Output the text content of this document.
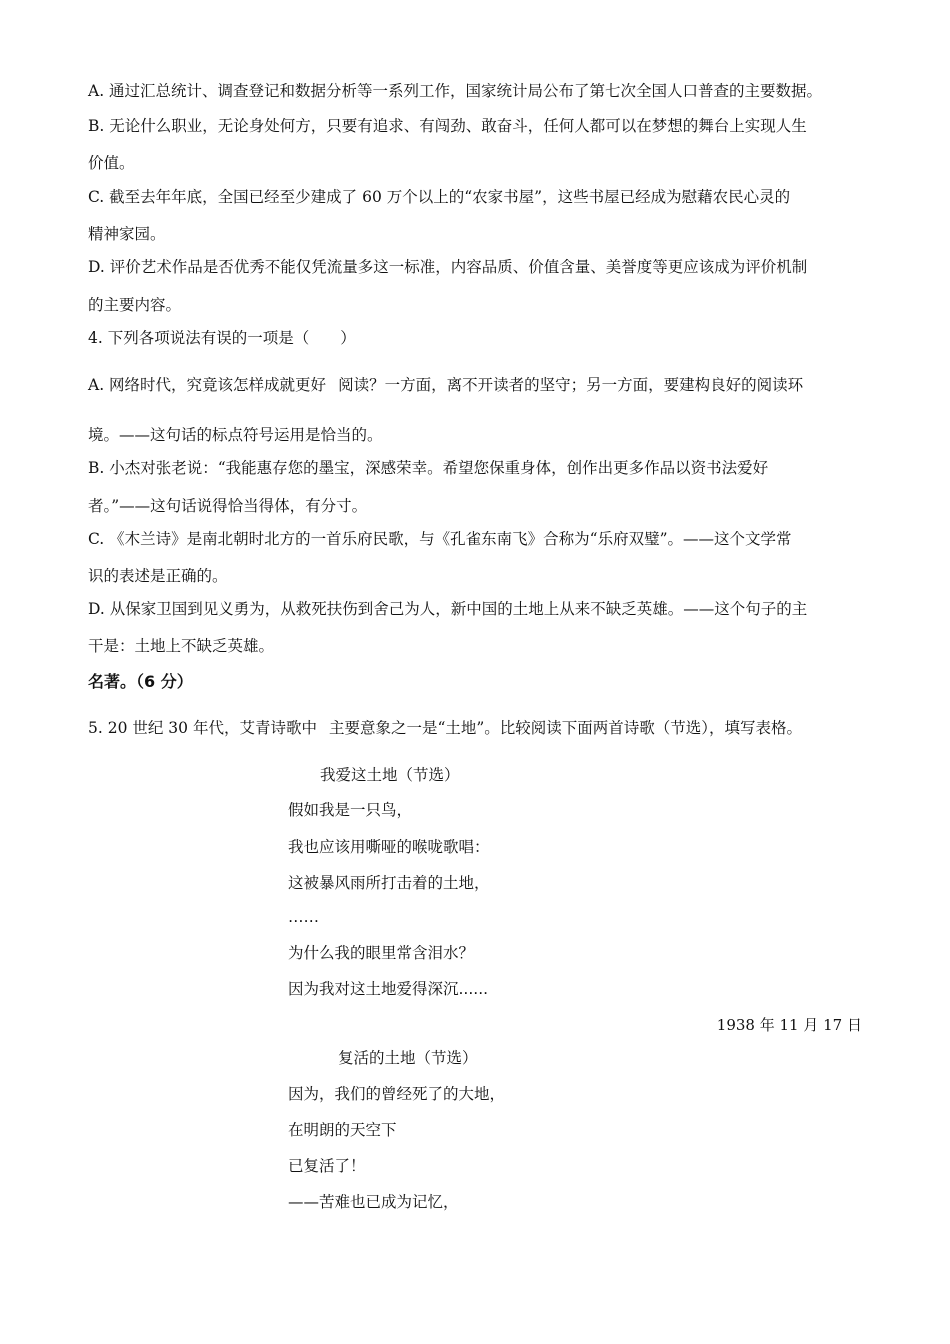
A. 通过汇总统计、调查登记和数据分析等一系列工作，国家统计局公布了第七次全国人口普查的主要数据。
B. 无论什么职业，无论身处何方，只要有追求、有闯劲、敢奋斗，任何人都可以在梦想的舞台上实现人生
价值。
C. 截至去年年底，全国已经至少建成了 60 万个以上的“农家书屋”，这些书屋已经成为慰藉农民心灵的
精神家园。
D. 评价艺术作品是否优秀不能仅凭流量多这一标准，内容品质、价值含量、美誉度等更应该成为评价机制
的主要内容。
4. 下列各项说法有误的一项是（　　）
A. 网络时代，究竟该怎样成就更好 阅读？一方面，离不开读者的坚守；另一方面，要建构良好的阅读环
境。——这句话的标点符号运用是恰当的。
B. 小杰对张老说：“我能惠存您的墨宝，深感荣幸。希望您保重身体，创作出更多作品以资书法爱好
者。”——这句话说得恰当得体，有分寸。
C. 《木兰诗》是南北朝时北方的一首乐府民歌，与《孔雀东南飞》合称为“乐府双璧”。——这个文学常
识的表述是正确的。
D. 从保家卫国到见义勇为，从救死扶伤到舍己为人，新中国的土地上从来不缺乏英雄。——这个句子的主
干是：土地上不缺乏英雄。
名著。（6 分）
5. 20 世纪 30 年代，艾青诗歌中 主要意象之一是“土地”。比较阅读下面两首诗歌（节选），填写表格。
我爱这土地（节选）
假如我是一只鸟，
我也应该用嘶哑的喉咙歌唱：
这被暴风雨所打击着的土地，
……
为什么我的眼里常含泪水？
因为我对这土地爱得深沉......
1938 年 11 月 17 日
复活的土地（节选）
因为，我们的曾经死了的大地，
在明朗的天空下
已复活了！
——苦难也已成为记忆，
